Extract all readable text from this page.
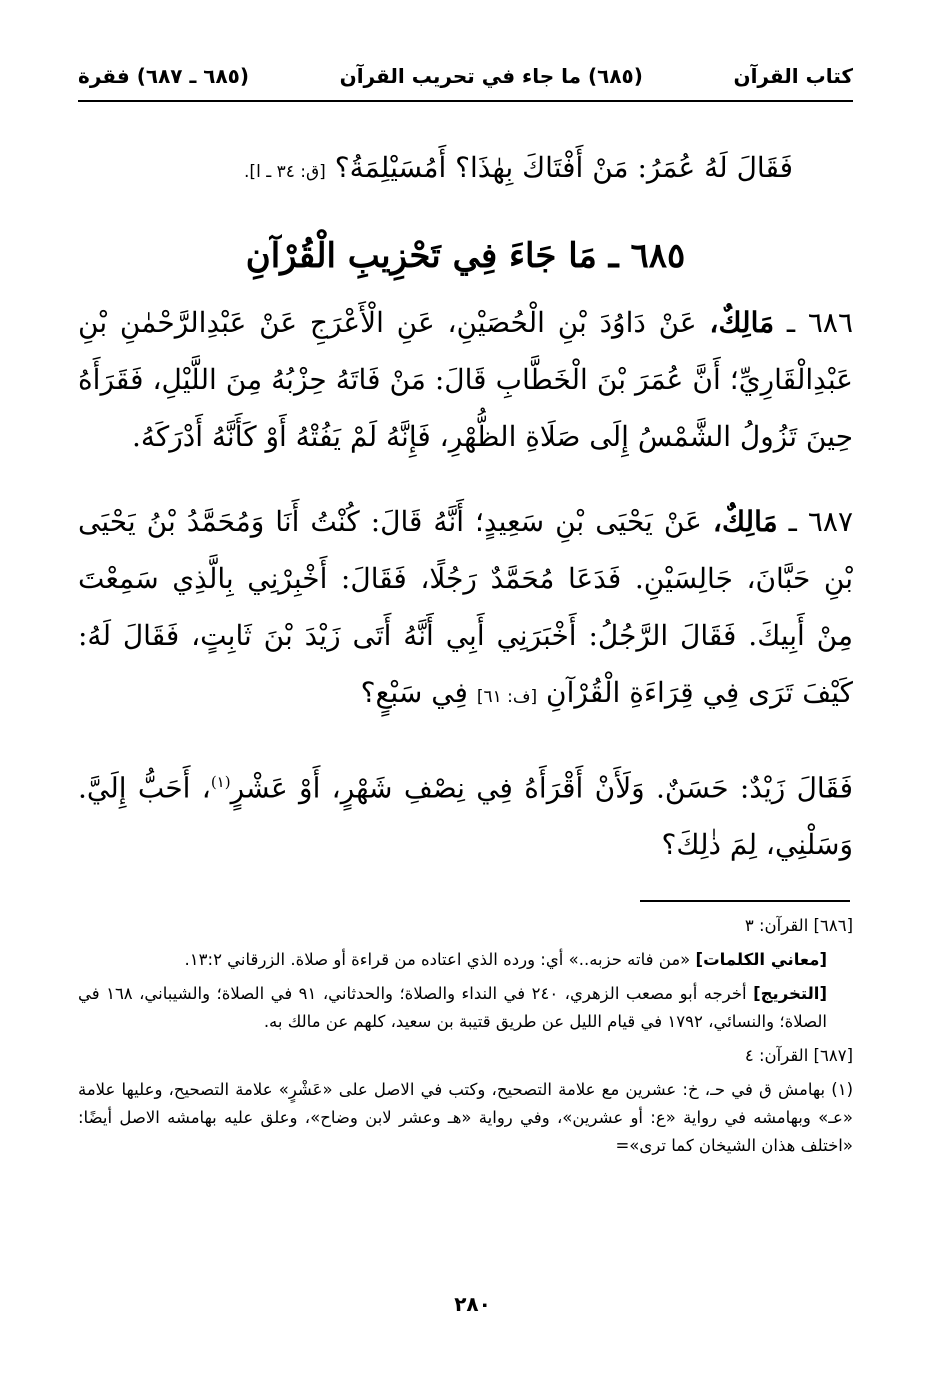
كتاب القرآن
(٦٨٥) ما جاء في تحريب القرآن
(٦٨٥ ـ ٦٨٧) فقرة
فَقَالَ لَهُ عُمَرُ: مَنْ أَفْتَاكَ بِهٰذَا؟ أَمُسَيْلِمَةُ؟ [ق: ٣٤ ـ ا].
٦٨٥ ـ مَا جَاءَ فِي تَحْزِيبِ الْقُرْآنِ

٦٨٦ ـ مَالِكٌ، عَنْ دَاوُدَ بْنِ الْحُصَيْنِ، عَنِ الْأَعْرَجِ عَنْ عَبْدِالرَّحْمٰنِ بْنِ عَبْدِالْقَارِيِّ؛ أَنَّ عُمَرَ بْنَ الْخَطَّابِ قَالَ: مَنْ فَاتَهُ حِزْبُهُ مِنَ اللَّيْلِ، فَقَرَأَهُ حِينَ تَزُولُ الشَّمْسُ إِلَى صَلَاةِ الظُّهْرِ، فَإِنَّهُ لَمْ يَفُتْهُ أَوْ كَأَنَّهُ أَدْرَكَهُ.

٦٨٧ ـ مَالِكٌ، عَنْ يَحْيَى بْنِ سَعِيدٍ؛ أَنَّهُ قَالَ: كُنْتُ أَنَا وَمُحَمَّدُ بْنُ يَحْيَى بْنِ حَبَّانَ، جَالِسَيْنِ. فَدَعَا مُحَمَّدٌ رَجُلًا، فَقَالَ: أَخْبِرْنِي بِالَّذِي سَمِعْتَ مِنْ أَبِيكَ. فَقَالَ الرَّجُلُ: أَخْبَرَنِي أَبِي أَنَّهُ أَتَى زَيْدَ بْنَ ثَابِتٍ، فَقَالَ لَهُ: كَيْفَ تَرَى فِي قِرَاءَةِ الْقُرْآنِ [ف: ٦١] فِي سَبْعٍ؟

فَقَالَ زَيْدٌ: حَسَنٌ. وَلَأَنْ أَقْرَأَهُ فِي نِصْفِ شَهْرٍ، أَوْ عَشْرٍ$^{(١)}$، أَحَبُّ إِلَيَّ. وَسَلْنِي، لِمَ ذٰلِكَ؟

[٦٨٦] القرآن: ٣
[معاني الكلمات] «من فاته حزبه..» أي: ورده الذي اعتاده من قراءة أو صلاة. الزرقاني ١٣:٢.
[التخريج] أخرجه أبو مصعب الزهري، ٢٤٠ في النداء والصلاة؛ والحدثاني، ٩١ في الصلاة؛ والشيباني، ١٦٨ في الصلاة؛ والنسائي، ١٧٩٢ في قيام الليل عن طريق قتيبة بن سعيد، كلهم عن مالك به.
[٦٨٧] القرآن: ٤
(١) بهامش ق في حـ، خ: عشرين مع علامة التصحيح، وكتب في الاصل على «عَشْرٍ» علامة التصحيح، وعليها علامة «عـ» وبهامشه في رواية «ع: أو عشرين»، وفي رواية «هـ وعشر لابن وضاح»، وعلق عليه بهامشه الاصل أيضًا: «اختلف هذان الشيخان كما ترى»=
٢٨٠
